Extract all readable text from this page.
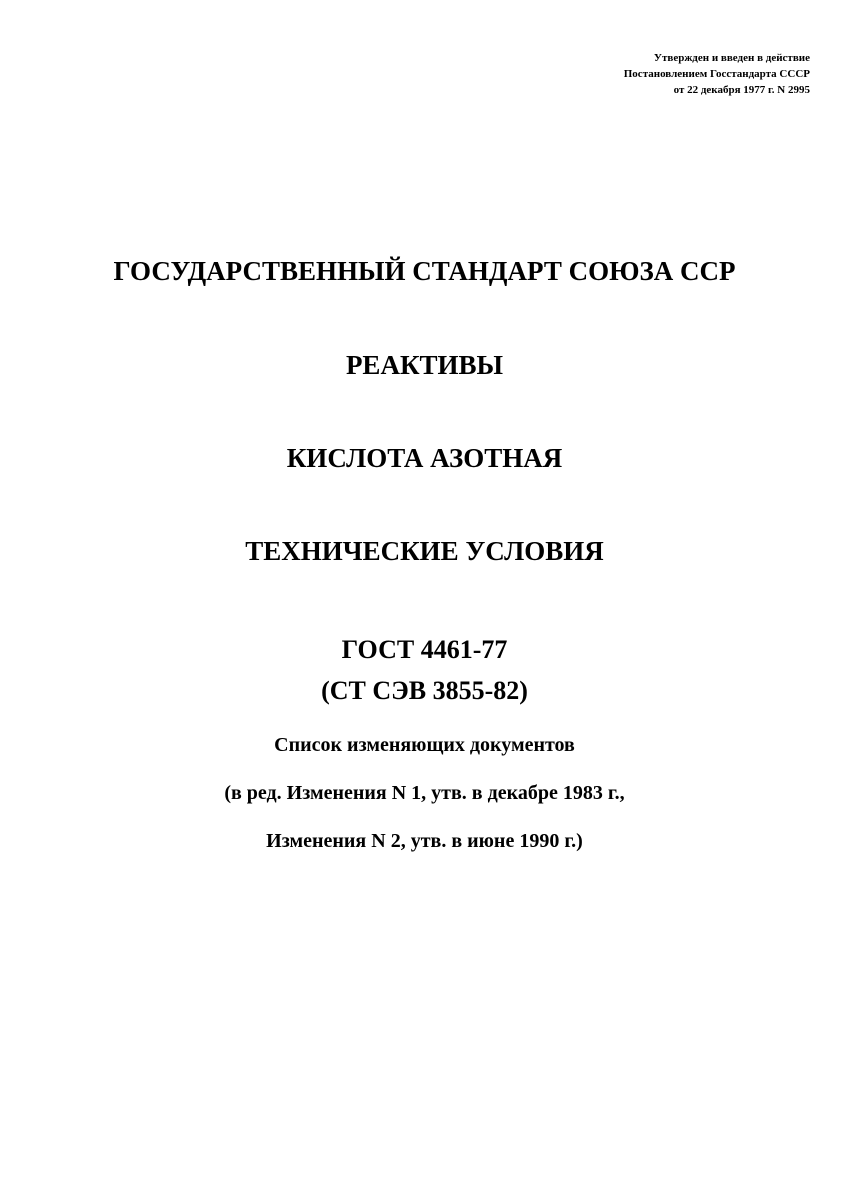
Утвержден и введен в действие
Постановлением Госстандарта СССР
от 22 декабря 1977 г. N 2995
ГОСУДАРСТВЕННЫЙ СТАНДАРТ СОЮЗА ССР
РЕАКТИВЫ
КИСЛОТА АЗОТНАЯ
ТЕХНИЧЕСКИЕ УСЛОВИЯ
ГОСТ 4461-77
(СТ СЭВ 3855-82)
Список изменяющих документов
(в ред. Изменения N 1, утв. в декабре 1983 г.,
Изменения N 2, утв. в июне 1990 г.)
